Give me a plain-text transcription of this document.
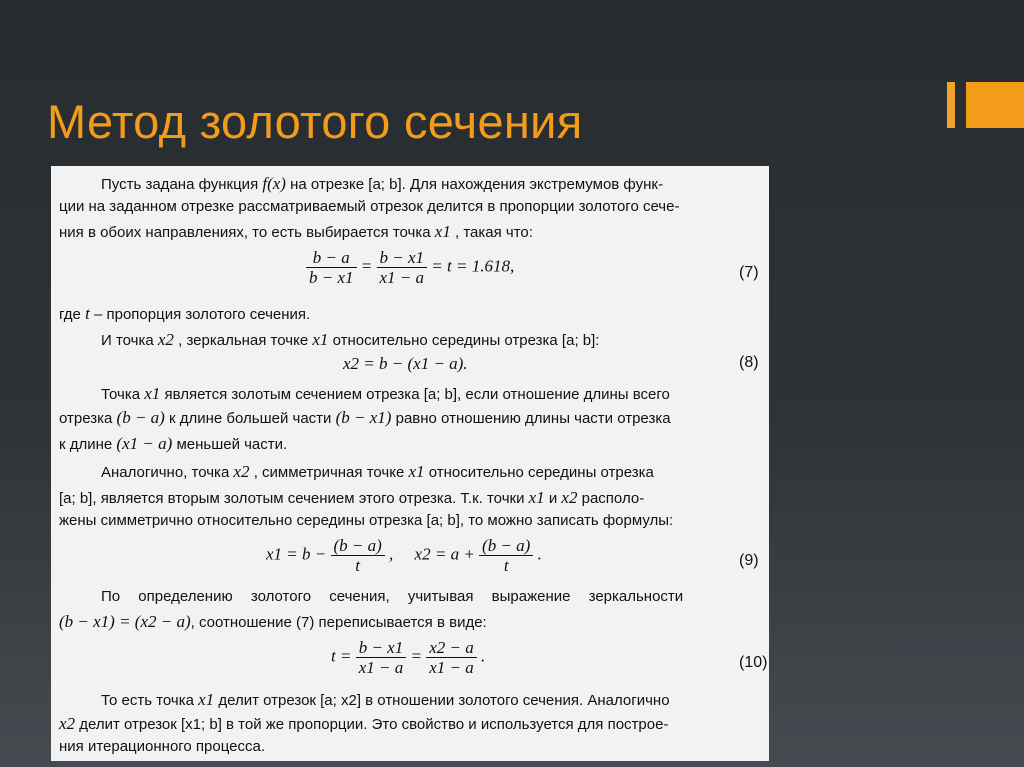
Метод золотого сечения
Пусть задана функция f(x) на отрезке [a; b]. Для нахождения экстремумов функ-
ции на заданном отрезке рассматриваемый отрезок делится в пропорции золотого сече-
ния в обоих направлениях, то есть выбирается точка x1 , такая что:
$\frac{b - a}{b - x1} = \frac{b - x1}{x1 - a} = t = 1.618$,	(7)
где t – пропорция золотого сечения.
И точка x2 , зеркальная точке x1 относительно середины отрезка [a; b]:
x2 = b − (x1 − a).	(8)
Точка x1 является золотым сечением отрезка [a; b], если отношение длины всего
отрезка (b − a) к длине большей части (b − x1) равно отношению длины части отрезка
к длине (x1 − a) меньшей части.
Аналогично, точка x2 , симметричная точке x1 относительно середины отрезка
[a; b], является вторым золотым сечением этого отрезка. Т.к. точки x1 и x2 располо-
жены симметрично относительно середины отрезка [a; b], то можно записать формулы:
$x1 = b - \frac{(b - a)}{t}$ , $x2 = a + \frac{(b - a)}{t}$ .	(9)
По определению золотого сечения, учитывая выражение зеркальности
(b − x1) = (x2 − a), соотношение (7) переписывается в виде:
$t = \frac{b - x1}{x1 - a} = \frac{x2 - a}{x1 - a}$ .	(10)
То есть точка x1 делит отрезок [a; x2] в отношении золотого сечения. Аналогично
x2 делит отрезок [x1; b] в той же пропорции. Это свойство и используется для построе-
ния итерационного процесса.
